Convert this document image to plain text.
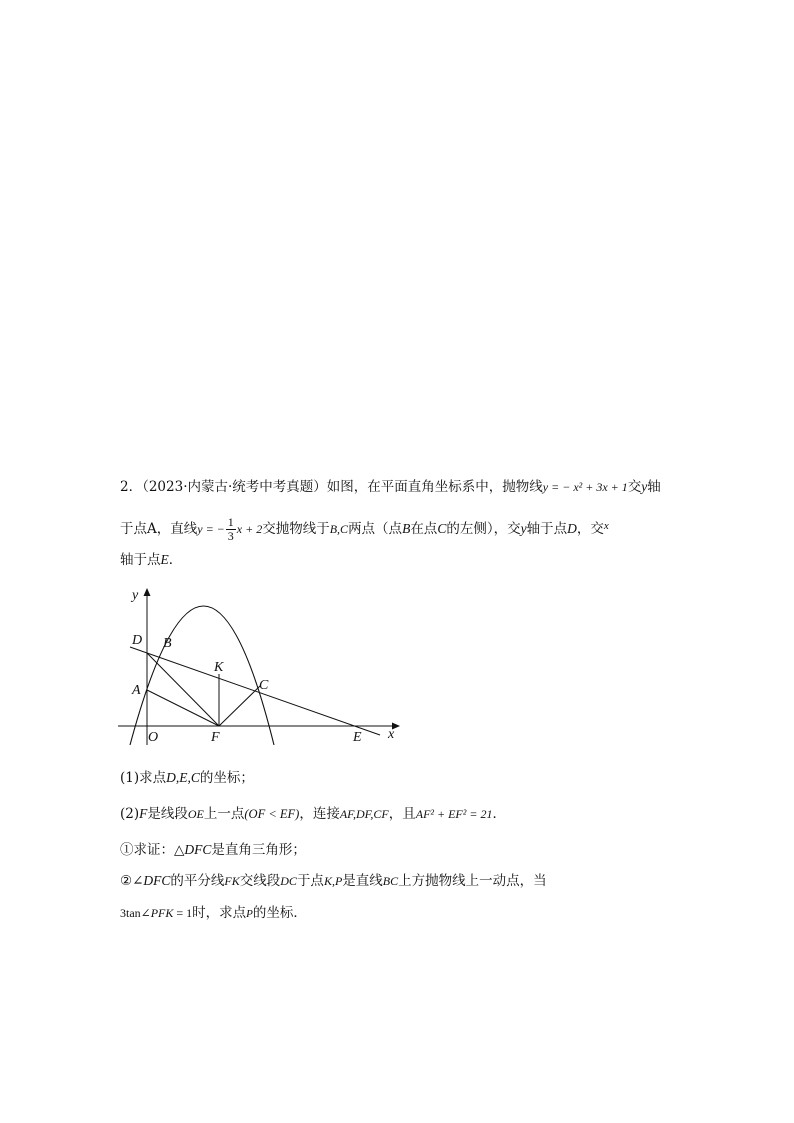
2．（2023·内蒙古·统考中考真题）如图，在平面直角坐标系中，抛物线y = − x² + 3x + 1交y轴
于点A，直线y = − $\frac{1}{3}$ x + 2交抛物线于B,C两点（点B在点C的左侧），交y轴于点D，交$^x$
轴于点E．
y
x
D B
K
A	C
O	F	E
(1)求点D,E,C的坐标；
(2)F是线段OE上一点(OF < EF)，连接AF,DF,CF，且AF² + EF² = 21．
①求证：△DFC是直角三角形；
②∠DFC的平分线FK交线段DC于点K,P是直线BC上方抛物线上一动点，当
3tan∠PFK = 1时，求点P的坐标．
